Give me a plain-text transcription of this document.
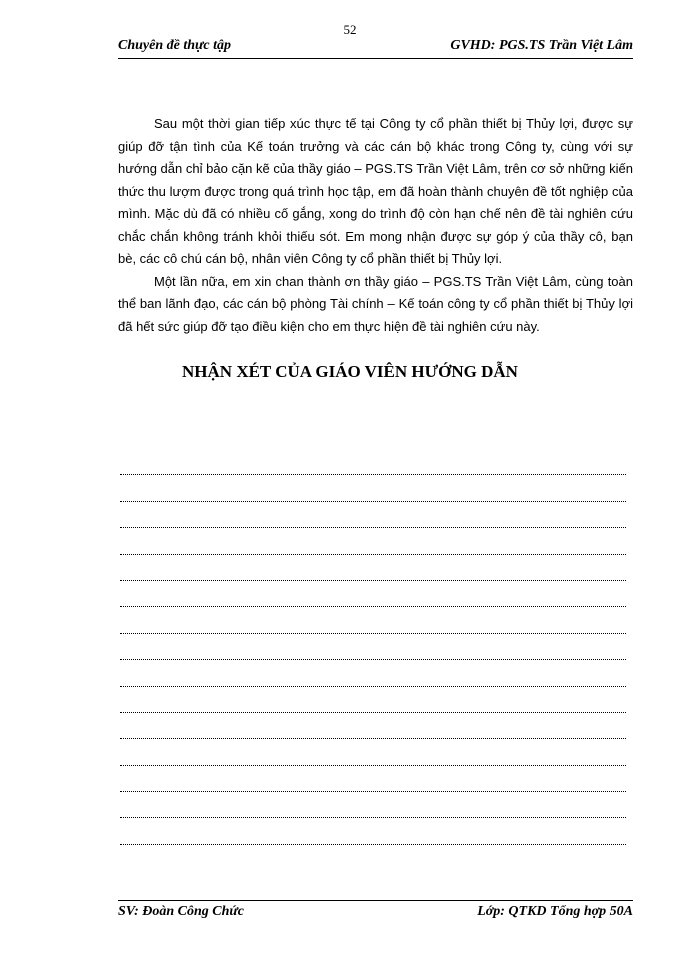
52
Chuyên đề thực tập	GVHD: PGS.TS Trần Việt Lâm

Sau một thời gian tiếp xúc thực tế tại Công ty cổ phần thiết bị Thủy lợi, được sự giúp đỡ tận tình của Kế toán trưởng và các cán bộ khác trong Công ty, cùng với sự hướng dẫn chỉ bảo cặn kẽ của thầy giáo – PGS.TS Trần Việt Lâm, trên cơ sở những kiến thức thu lượm được trong quá trình học tập, em đã hoàn thành chuyên đề tốt nghiệp của mình. Mặc dù đã có nhiều cố gắng, xong do trình độ còn hạn chế nên đề tài nghiên cứu chắc chắn không tránh khỏi thiếu sót. Em mong nhận được sự góp ý của thầy cô, bạn bè, các cô chú cán bộ, nhân viên Công ty cổ phần thiết bị Thủy lợi.

Một lần nữa, em xin chan thành ơn thầy giáo – PGS.TS Trần Việt Lâm, cùng toàn thể ban lãnh đạo, các cán bộ phòng Tài chính – Kế toán công ty cổ phần thiết bị Thủy lợi đã hết sức giúp đỡ tạo điều kiện cho em thực hiện đề tài nghiên cứu này.

NHẬN XÉT CỦA GIÁO VIÊN HƯỚNG DẪN
SV: Đoàn Công Chức	Lớp: QTKD Tổng hợp 50A
